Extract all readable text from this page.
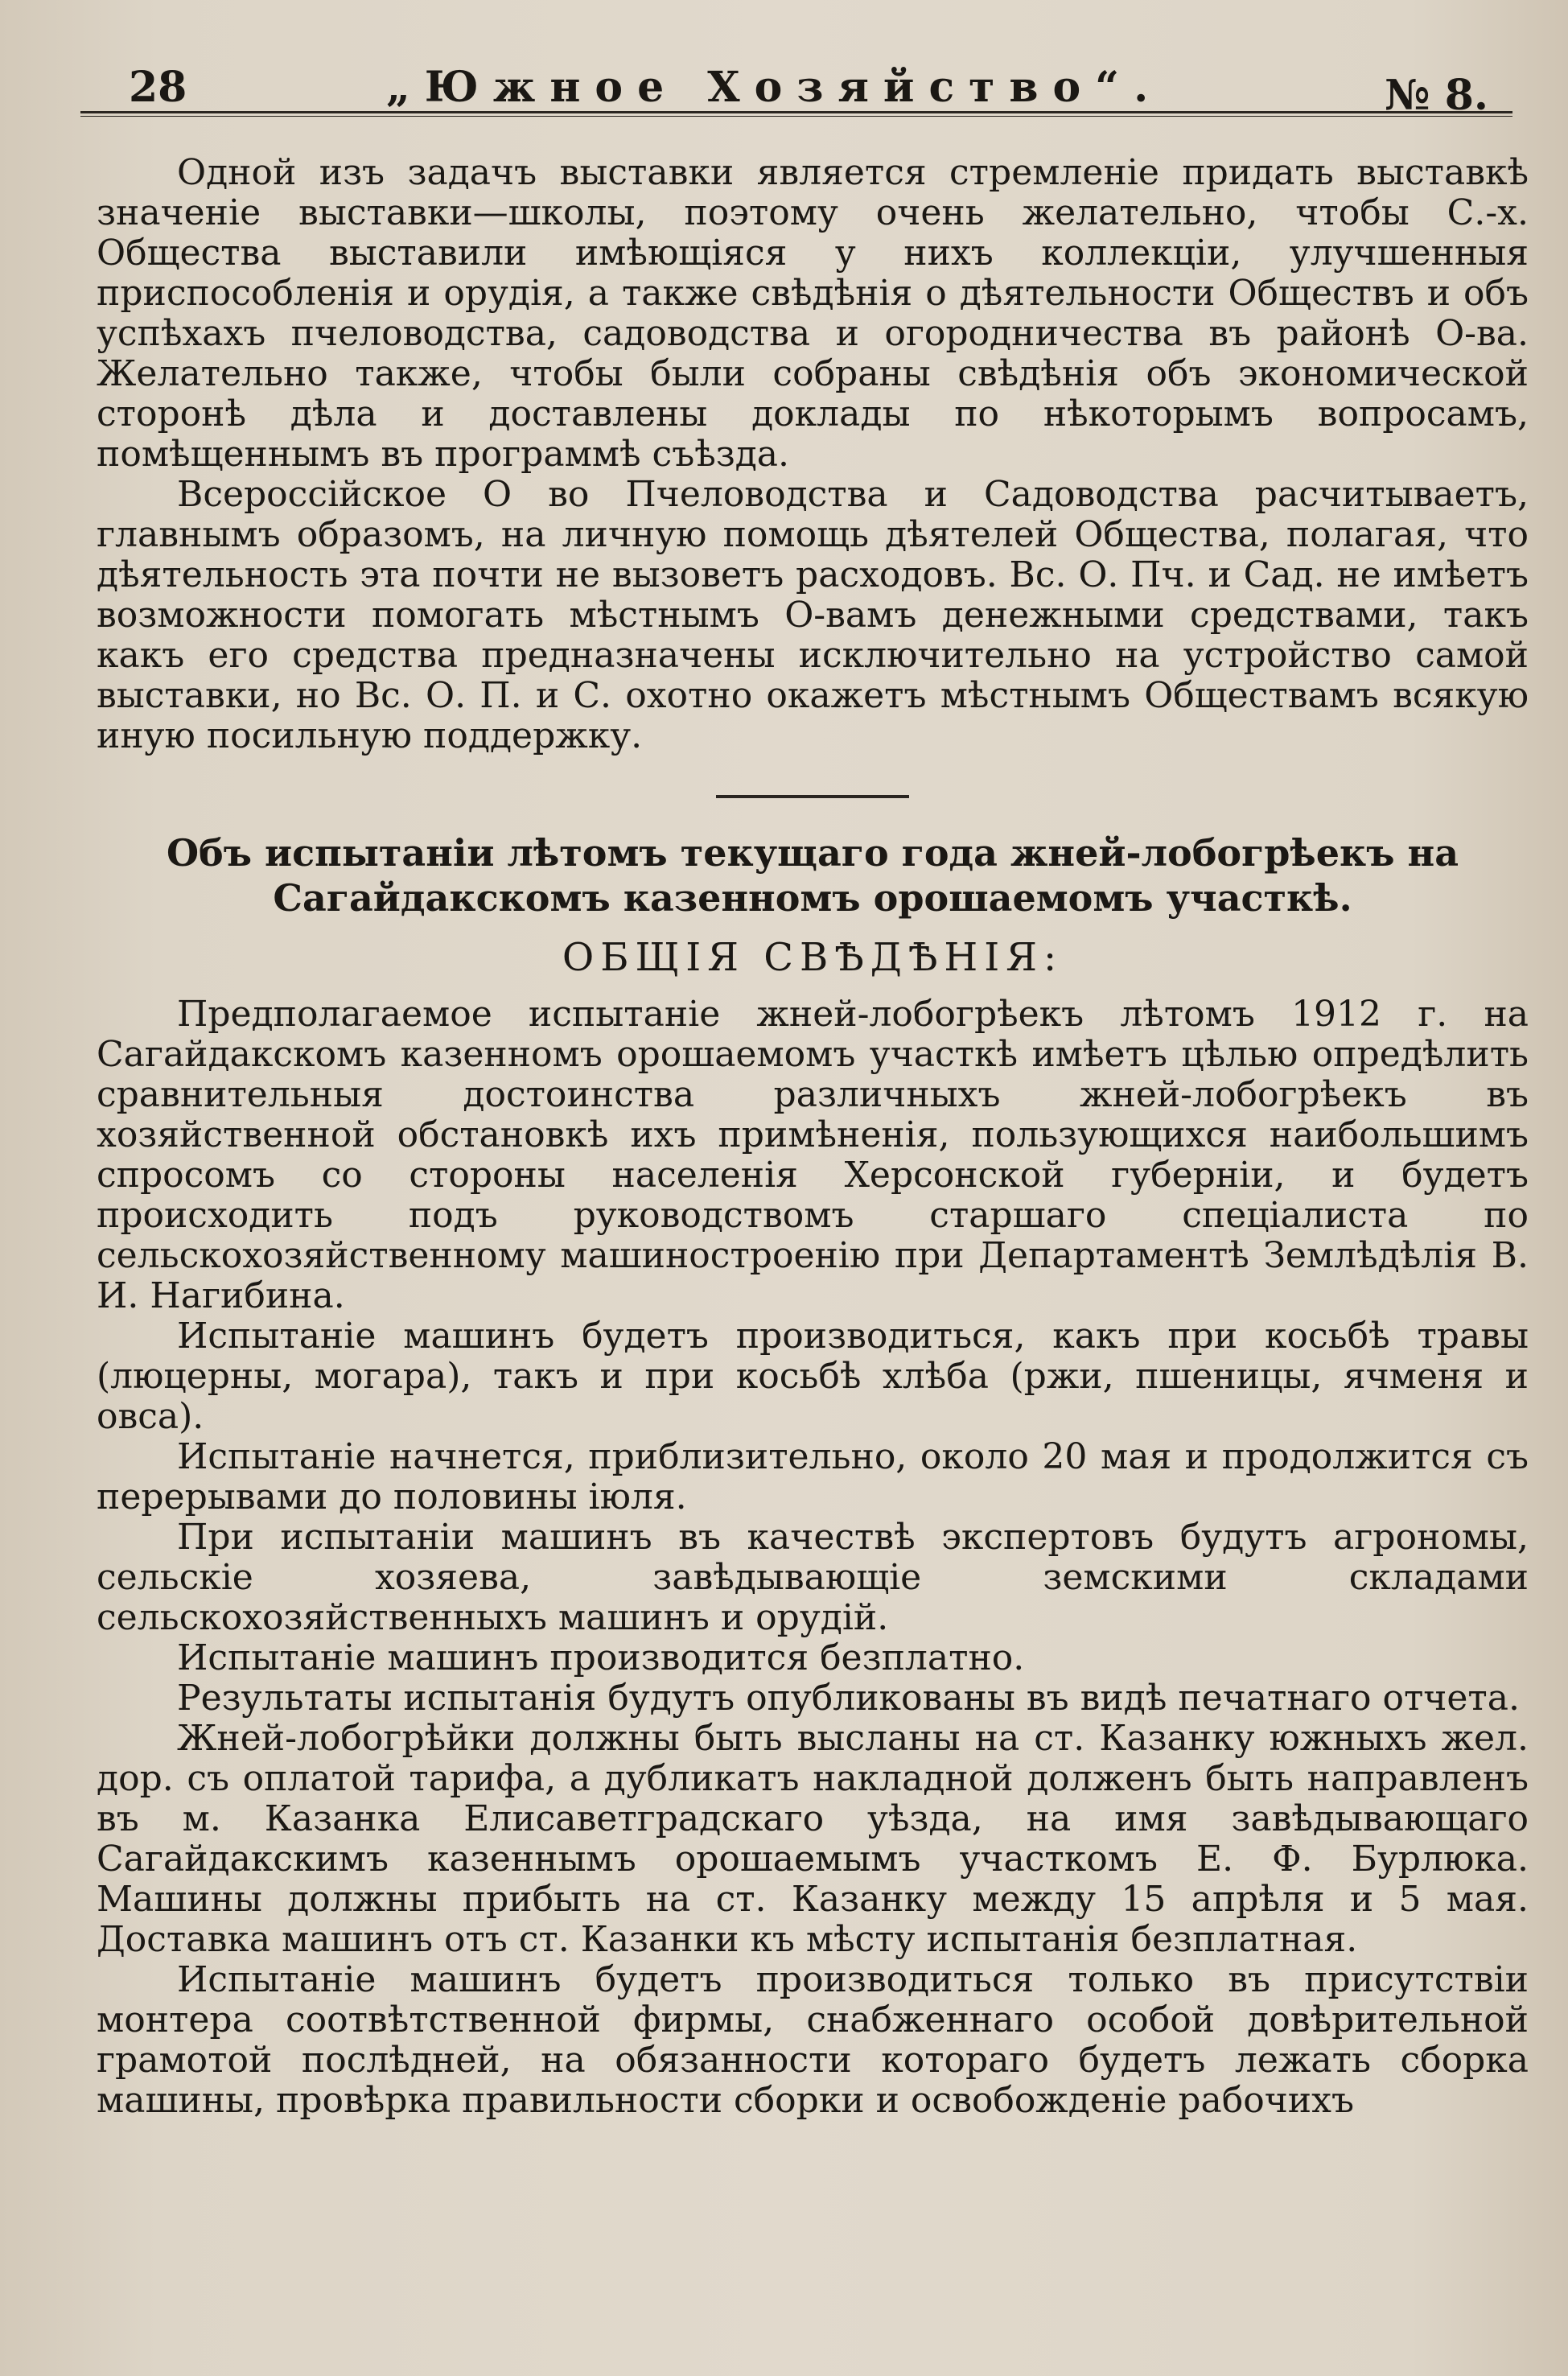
28	„Южное Хозяйство“.	№ 8.

Одной изъ задачъ выставки является стремленіе придать выставкѣ значеніе выставки—школы, поэтому очень желательно, чтобы С.-х. Общества выставили имѣющіяся у нихъ коллекціи, улучшенныя приспособленія и орудія, а также свѣдѣнія о дѣятельности Обществъ и объ успѣхахъ пчеловодства, садоводства и огородничества въ районѣ О-ва. Желательно также, чтобы были собраны свѣдѣнія объ экономической сторонѣ дѣла и доставлены доклады по нѣкоторымъ вопросамъ, помѣщеннымъ въ программѣ съѣзда.

Всероссійское О во Пчеловодства и Садоводства расчитываетъ, главнымъ образомъ, на личную помощь дѣятелей Общества, полагая, что дѣятельность эта почти не вызоветъ расходовъ. Вс. О. Пч. и Сад. не имѣетъ возможности помогать мѣстнымъ О-вамъ денежными средствами, такъ какъ его средства предназначены исключительно на устройство самой выставки, но Вс. О. П. и С. охотно окажетъ мѣстнымъ Обществамъ всякую иную посильную поддержку.

Объ испытаніи лѣтомъ текущаго года жней-лобогрѣекъ на Сагайдакскомъ казенномъ орошаемомъ участкѣ.

ОБЩІЯ СВѢДѢНІЯ:

Предполагаемое испытаніе жней-лобогрѣекъ лѣтомъ 1912 г. на Сагайдакскомъ казенномъ орошаемомъ участкѣ имѣетъ цѣлью опредѣлить сравнительныя достоинства различныхъ жней-лобогрѣекъ въ хозяйственной обстановкѣ ихъ примѣненія, пользующихся наибольшимъ спросомъ со стороны населенія Херсонской губерніи, и будетъ происходить подъ руководствомъ старшаго спеціалиста по сельскохозяйственному машиностроенію при Департаментѣ Землѣдѣлія В. И. Нагибина.

Испытаніе машинъ будетъ производиться, какъ при косьбѣ травы (люцерны, могара), такъ и при косьбѣ хлѣба (ржи, пшеницы, ячменя и овса).

Испытаніе начнется, приблизительно, около 20 мая и продолжится съ перерывами до половины іюля.

При испытаніи машинъ въ качествѣ экспертовъ будутъ агрономы, сельскіе хозяева, завѣдывающіе земскими складами сельскохозяйственныхъ машинъ и орудій.

Испытаніе машинъ производится безплатно.

Результаты испытанія будутъ опубликованы въ видѣ печатнаго отчета.

Жней-лобогрѣйки должны быть высланы на ст. Казанку южныхъ жел. дор. съ оплатой тарифа, а дубликатъ накладной долженъ быть направленъ въ м. Казанка Елисаветградскаго уѣзда, на имя завѣдывающаго Сагайдакскимъ казеннымъ орошаемымъ участкомъ Е. Ф. Бурлюка. Машины должны прибыть на ст. Казанку между 15 апрѣля и 5 мая. Доставка машинъ отъ ст. Казанки къ мѣсту испытанія безплатная.

Испытаніе машинъ будетъ производиться только въ присутствіи монтера соотвѣтственной фирмы, снабженнаго особой довѣрительной грамотой послѣдней, на обязанности котораго будетъ лежать сборка машины, провѣрка правильности сборки и освобожденіе рабочихъ
